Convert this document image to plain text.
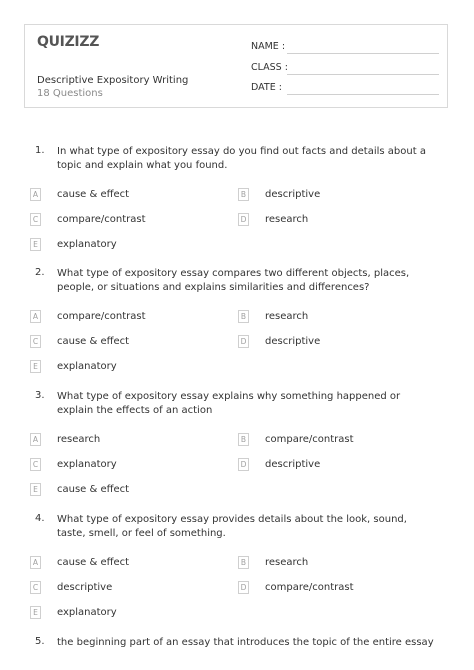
QUIZIZZ
Descriptive Expository Writing
18 Questions
NAME :
CLASS :
DATE :
1. In what type of expository essay do you find out facts and details about a topic and explain what you found.
A cause & effect	B descriptive
C compare/contrast	D research
E	explanatory
2. What type of expository essay compares two different objects, places, people, or situations and explains similarities and differences?
A compare/contrast	B research
C cause & effect	D descriptive
E	explanatory
3. What type of expository essay explains why something happened or explain the effects of an action
A research	B compare/contrast
C explanatory	D descriptive
E	cause & effect
4. What type of expository essay provides details about the look, sound, taste, smell, or feel of something.
A cause & effect	B research
C descriptive	D compare/contrast
E	explanatory
5. the beginning part of an essay that introduces the topic of the entire essay
